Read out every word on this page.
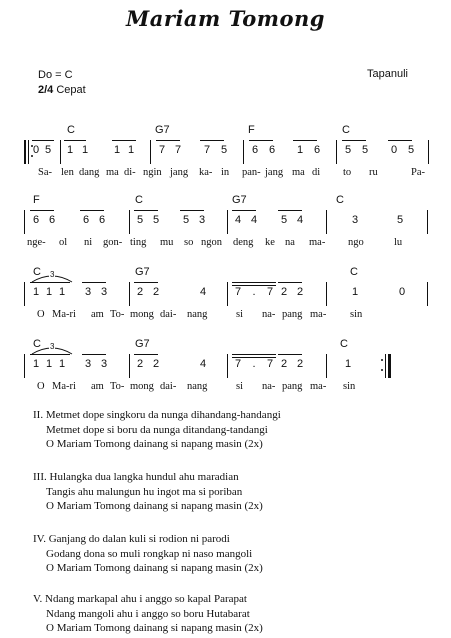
Mariam Tomong
Do = C
2/4 Cepat
Tapanuli
C	G7	F	C
0 5	1 1	1 1	7 7	7 5	6 6	1 6	5 5	0 5
Sa- len dang ma di- ngin jang ka- in pan- jang ma di to ru	Pa-
F	C	G7	C
6 6	6 6	5 5	5 3	4 4	5 4	3	5
nge- ol ni gon- ting mu so ngon deng ke na ma- ngo	lu
C	G7	C
3
1 1 1	3 3	2 2	4	7	.	7 2 2	1	0
O Ma-ri am To- mong dai- nang	si na- pang ma- sin
C	G7	C
3
1 1 1	3 3	2 2	4	7	.	7 2 2	1
O Ma-ri am To- mong dai- nang	si na- pang ma- sin
II. Metmet dope singkoru da nunga dihandang-handangi
Metmet dope si boru da nunga ditandang-tandangi
O Mariam Tomong dainang si napang masin (2x)
III. Hulangka dua langka hundul ahu maradian
Tangis ahu malungun hu ingot ma si poriban
O Mariam Tomong dainang si napang masin (2x)
IV. Ganjang do dalan kuli si rodion ni parodi
Godang dona so muli rongkap ni naso mangoli
O Mariam Tomong dainang si napang masin (2x)
V. Ndang markapal ahu i anggo so kapal Parapat
Ndang mangoli ahu i anggo so boru Hutabarat
O Mariam Tomong dainang si napang masin (2x)
